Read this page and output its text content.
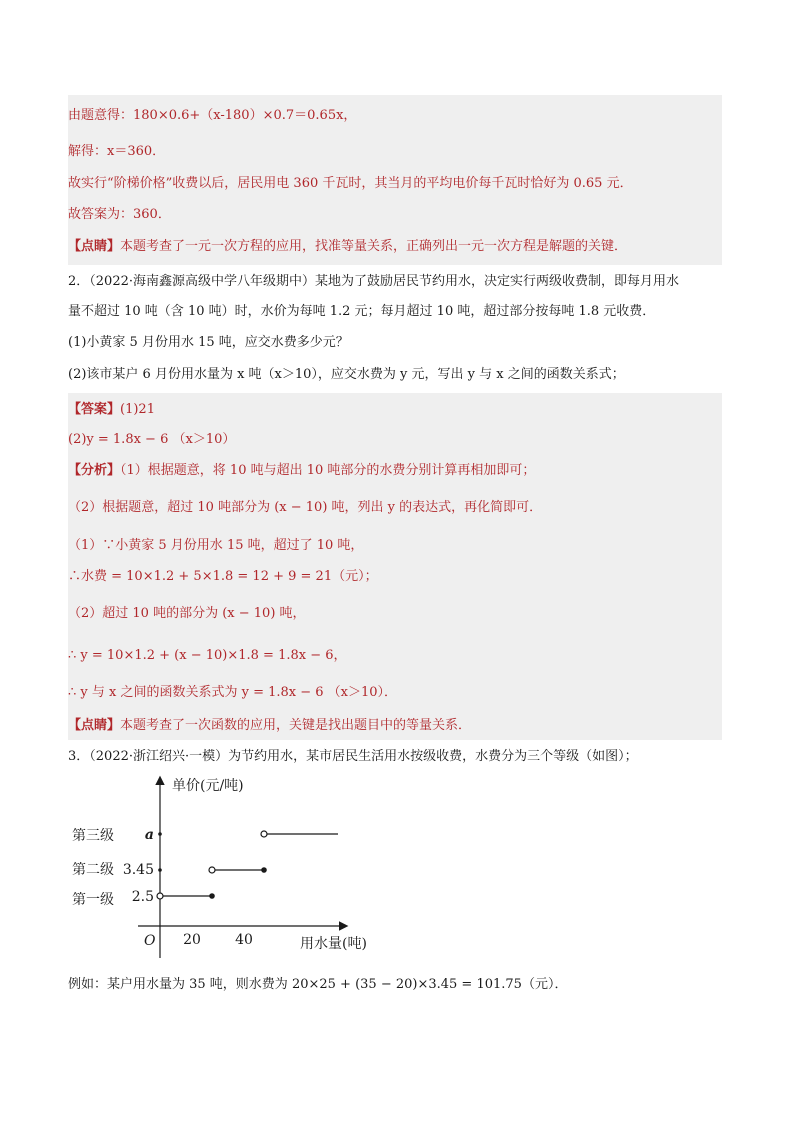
由题意得：180×0.6+（x-180）×0.7＝0.65x，
解得：x＝360．
故实行“阶梯价格”收费以后，居民用电 360 千瓦时，其当月的平均电价每千瓦时恰好为 0.65 元．
故答案为：360．
【点睛】本题考查了一元一次方程的应用，找准等量关系，正确列出一元一次方程是解题的关键．
2．（2022·海南鑫源高级中学八年级期中）某地为了鼓励居民节约用水，决定实行两级收费制，即每月用水
量不超过 10 吨（含 10 吨）时，水价为每吨 1.2 元；每月超过 10 吨，超过部分按每吨 1.8 元收费．
(1)小黄家 5 月份用水 15 吨，应交水费多少元？
(2)该市某户 6 月份用水量为 x 吨（x＞10），应交水费为 y 元，写出 y 与 x 之间的函数关系式；
【答案】(1)21
(2)y = 1.8x − 6 （x＞10）
【分析】（1）根据题意，将 10 吨与超出 10 吨部分的水费分别计算再相加即可；
（2）根据题意，超过 10 吨部分为 (x − 10) 吨，列出 y 的表达式，再化简即可．
（1）∵小黄家 5 月份用水 15 吨，超过了 10 吨，
∴水费 = 10×1.2 + 5×1.8 = 12 + 9 = 21（元）；
（2）超过 10 吨的部分为 (x − 10) 吨，
∴ y = 10×1.2 + (x − 10)×1.8 = 1.8x − 6，
∴ y 与 x 之间的函数关系式为 y = 1.8x − 6 （x＞10）．
【点睛】本题考查了一次函数的应用，关键是找出题目中的等量关系．
3．（2022·浙江绍兴·一模）为节约用水，某市居民生活用水按级收费，水费分为三个等级（如图）；
单价(元/吨)
用水量(吨)
O 20 40
2.5
3.45
a
第一级
第二级
第三级
例如：某户用水量为 35 吨，则水费为 20×25 + (35 − 20)×3.45 = 101.75（元）．
